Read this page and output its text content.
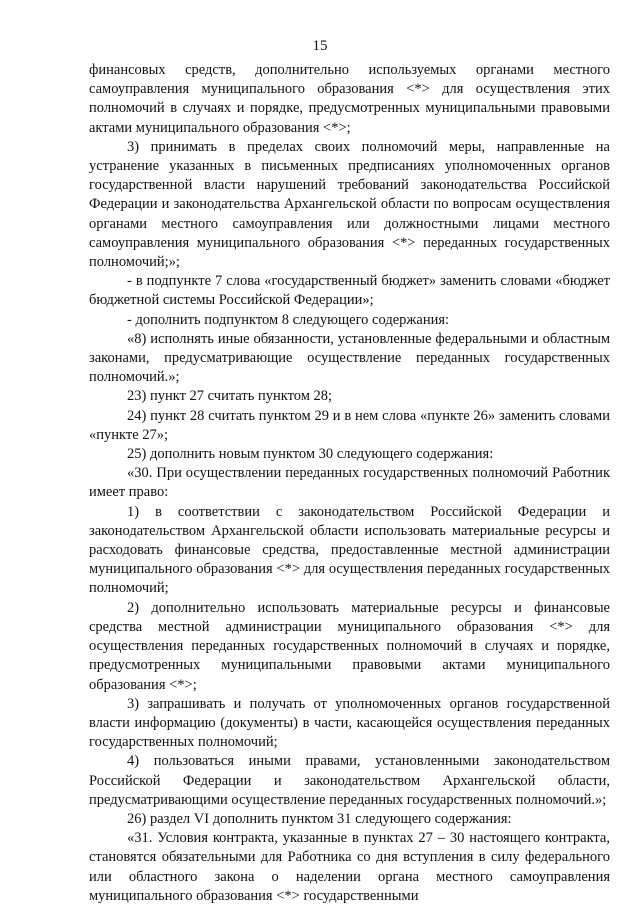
15

финансовых средств, дополнительно используемых органами местного самоуправления муниципального образования <*> для осуществления этих полномочий в случаях и порядке, предусмотренных муниципальными правовыми актами муниципального образования <*>;

3) принимать в пределах своих полномочий меры, направленные на устранение указанных в письменных предписаниях уполномоченных органов государственной власти нарушений требований законодательства Российской Федерации и законодательства Архангельской области по вопросам осуществления органами местного самоуправления или должностными лицами местного самоуправления муниципального образования <*> переданных государственных полномочий;»;

- в подпункте 7 слова «государственный бюджет» заменить словами «бюджет бюджетной системы Российской Федерации»;

- дополнить подпунктом 8 следующего содержания:

«8) исполнять иные обязанности, установленные федеральными и областным законами, предусматривающие осуществление переданных государственных полномочий.»;

23) пункт 27 считать пунктом 28;

24) пункт 28 считать пунктом 29 и в нем слова «пункте 26» заменить словами «пункте 27»;

25) дополнить новым пунктом 30 следующего содержания:

«30. При осуществлении переданных государственных полномочий Работник имеет право:

1) в соответствии с законодательством Российской Федерации и законодательством Архангельской области использовать материальные ресурсы и расходовать финансовые средства, предоставленные местной администрации муниципального образования <*> для осуществления переданных государственных полномочий;

2) дополнительно использовать материальные ресурсы и финансовые средства местной администрации муниципального образования <*> для осуществления переданных государственных полномочий в случаях и порядке, предусмотренных муниципальными правовыми актами муниципального образования <*>;

3) запрашивать и получать от уполномоченных органов государственной власти информацию (документы) в части, касающейся осуществления переданных государственных полномочий;

4) пользоваться иными правами, установленными законодательством Российской Федерации и законодательством Архангельской области, предусматривающими осуществление переданных государственных полномочий.»;

26) раздел VI дополнить пунктом 31 следующего содержания:

«31. Условия контракта, указанные в пунктах 27 – 30 настоящего контракта, становятся обязательными для Работника со дня вступления в силу федерального или областного закона о наделении органа местного самоуправления муниципального образования <*> государственными
